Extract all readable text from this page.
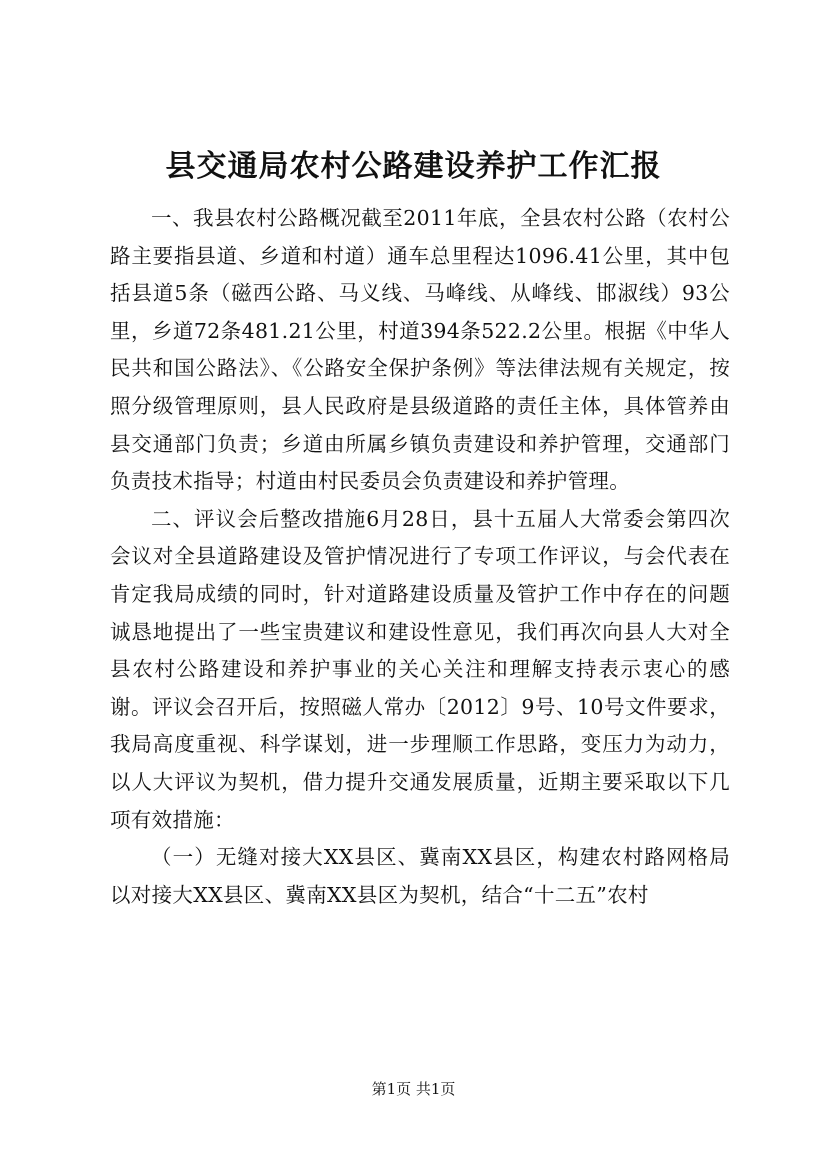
县交通局农村公路建设养护工作汇报

一、我县农村公路概况截至2011年底，全县农村公路（农村公路主要指县道、乡道和村道）通车总里程达1096.41公里，其中包括县道5条（磁西公路、马义线、马峰线、从峰线、邯淑线）93公里，乡道72条481.21公里，村道394条522.2公里。根据《中华人民共和国公路法》、《公路安全保护条例》等法律法规有关规定，按照分级管理原则，县人民政府是县级道路的责任主体，具体管养由县交通部门负责；乡道由所属乡镇负责建设和养护管理，交通部门负责技术指导；村道由村民委员会负责建设和养护管理。

二、评议会后整改措施6月28日，县十五届人大常委会第四次会议对全县道路建设及管护情况进行了专项工作评议，与会代表在肯定我局成绩的同时，针对道路建设质量及管护工作中存在的问题诚恳地提出了一些宝贵建议和建设性意见，我们再次向县人大对全县农村公路建设和养护事业的关心关注和理解支持表示衷心的感谢。评议会召开后，按照磁人常办〔2012〕9号、10号文件要求，我局高度重视、科学谋划，进一步理顺工作思路，变压力为动力，以人大评议为契机，借力提升交通发展质量，近期主要采取以下几项有效措施：

（一）无缝对接大XX县区、冀南XX县区，构建农村路网格局以对接大XX县区、冀南XX县区为契机，结合“十二五”农村

第1页 共1页
